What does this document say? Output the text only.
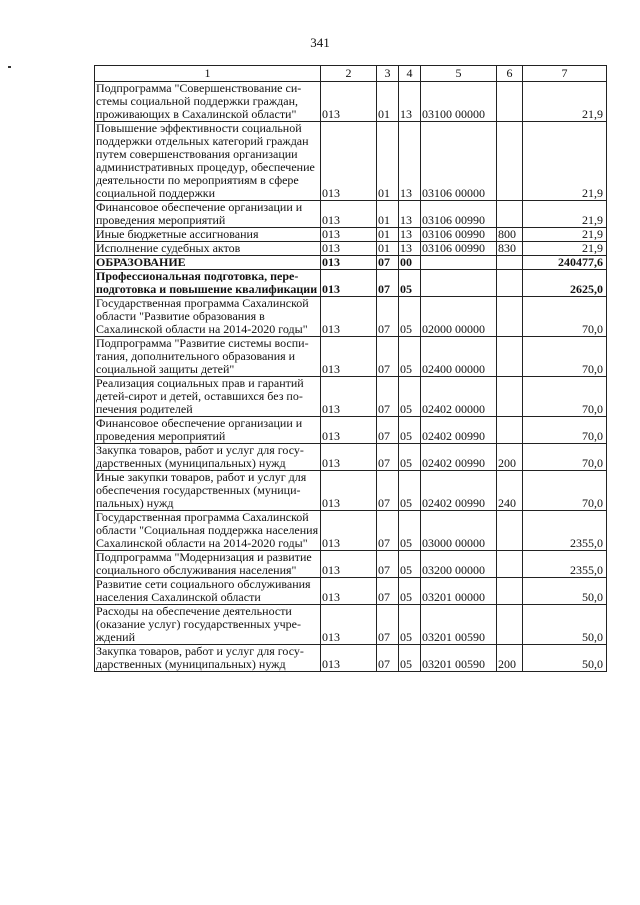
341
1	2	3	4	5	6	7
Подпрограмма "Совершенствование системы социальной поддержки граждан, проживающих в Сахалинской области"	013	01	13	03100 00000		21,9
Повышение эффективности социальной поддержки отдельных категорий граждан путем совершенствования организации административных процедур, обеспечение деятельности по мероприятиям в сфере социальной поддержки	013	01	13	03106 00000		21,9
Финансовое обеспечение организации и проведения мероприятий	013	01	13	03106 00990		21,9
Иные бюджетные ассигнования	013	01	13	03106 00990	800	21,9
Исполнение судебных актов	013	01	13	03106 00990	830	21,9
ОБРАЗОВАНИЕ	013	07	00			240477,6
Профессиональная подготовка, переподготовка и повышение квалификации	013	07	05			2625,0
Государственная программа Сахалинской области "Развитие образования в Сахалинской области на 2014-2020 годы"	013	07	05	02000 00000		70,0
Подпрограмма "Развитие системы воспитания, дополнительного образования и социальной защиты детей"	013	07	05	02400 00000		70,0
Реализация социальных прав и гарантий детей-сирот и детей, оставшихся без попечения родителей	013	07	05	02402 00000		70,0
Финансовое обеспечение организации и проведения мероприятий	013	07	05	02402 00990		70,0
Закупка товаров, работ и услуг для государственных (муниципальных) нужд	013	07	05	02402 00990	200	70,0
Иные закупки товаров, работ и услуг для обеспечения государственных (муниципальных) нужд	013	07	05	02402 00990	240	70,0
Государственная программа Сахалинской области "Социальная поддержка населения Сахалинской области на 2014-2020 годы"	013	07	05	03000 00000		2355,0
Подпрограмма "Модернизация и развитие социального обслуживания населения"	013	07	05	03200 00000		2355,0
Развитие сети социального обслуживания населения Сахалинской области	013	07	05	03201 00000		50,0
Расходы на обеспечение деятельности (оказание услуг) государственных учреждений	013	07	05	03201 00590		50,0
Закупка товаров, работ и услуг для государственных (муниципальных) нужд	013	07	05	03201 00590	200	50,0
